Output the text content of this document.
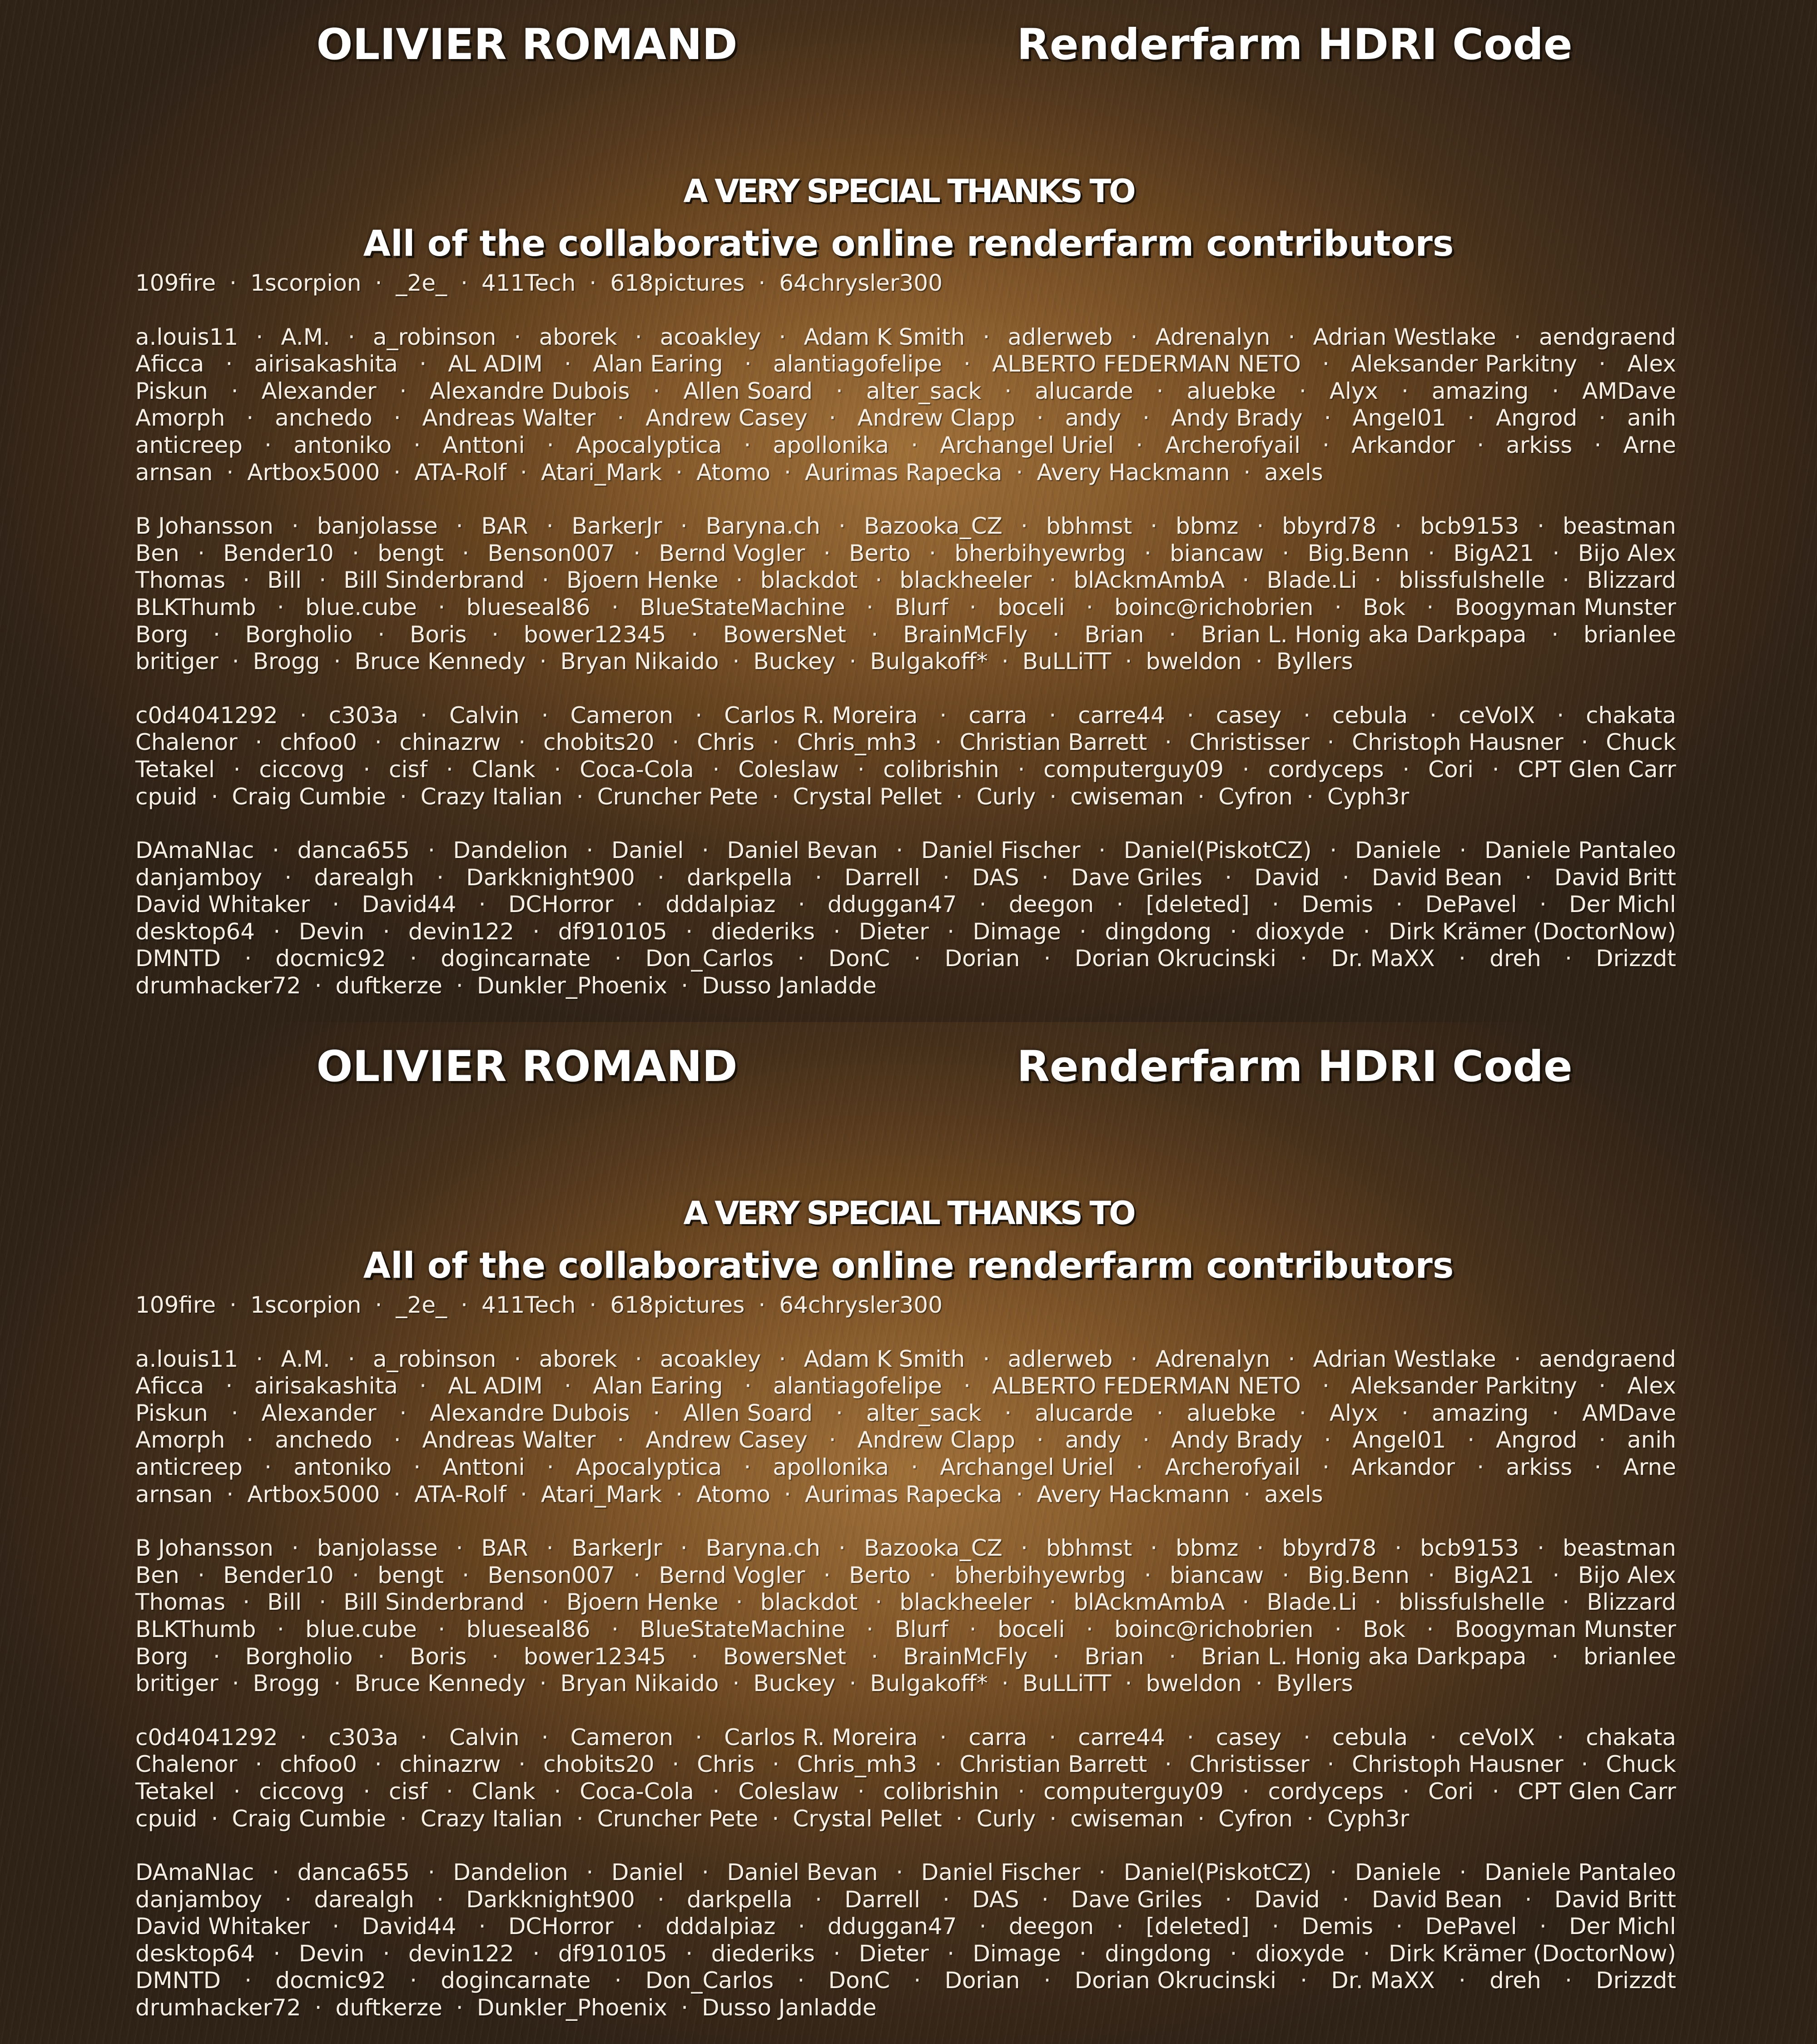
OLIVIER ROMAND	Renderfarm HDRI Code
A VERY SPECIAL THANKS TO
All of the collaborative online renderfarm contributors
109fire · 1scorpion · _2e_ · 411Tech · 618pictures · 64chrysler300
a.louis11 · A.M. · a_robinson · aborek · acoakley · Adam K Smith · adlerweb · Adrenalyn · Adrian Westlake · aendgraend
Aficca · airisakashita · AL ADIM · Alan Earing · alantiagofelipe · ALBERTO FEDERMAN NETO · Aleksander Parkitny · Alex
Piskun · Alexander · Alexandre Dubois · Allen Soard · alter_sack · alucarde · aluebke · Alyx · amazing · AMDave
Amorph · anchedo · Andreas Walter · Andrew Casey · Andrew Clapp · andy · Andy Brady · Angel01 · Angrod · anih
anticreep · antoniko · Anttoni · Apocalyptica · apollonika · Archangel Uriel · Archerofyail · Arkandor · arkiss · Arne
arnsan · Artbox5000 · ATA-Rolf · Atari_Mark · Atomo · Aurimas Rapecka · Avery Hackmann · axels
B Johansson · banjolasse · BAR · BarkerJr · Baryna.ch · Bazooka_CZ · bbhmst · bbmz · bbyrd78 · bcb9153 · beastman
Ben · Bender10 · bengt · Benson007 · Bernd Vogler · Berto · bherbihyewrbg · biancaw · Big.Benn · BigA21 · Bijo Alex
Thomas · Bill · Bill Sinderbrand · Bjoern Henke · blackdot · blackheeler · blAckmAmbA · Blade.Li · blissfulshelle · Blizzard
BLKThumb · blue.cube · blueseal86 · BlueStateMachine · Blurf · boceli · boinc@richobrien · Bok · Boogyman Munster
Borg · Borgholio · Boris · bower12345 · BowersNet · BrainMcFly · Brian · Brian L. Honig aka Darkpapa · brianlee
britiger · Brogg · Bruce Kennedy · Bryan Nikaido · Buckey · Bulgakoff* · BuLLiTT · bweldon · Byllers
c0d4041292 · c303a · Calvin · Cameron · Carlos R. Moreira · carra · carre44 · casey · cebula · ceVoIX · chakata
Chalenor · chfoo0 · chinazrw · chobits20 · Chris · Chris_mh3 · Christian Barrett · Christisser · Christoph Hausner · Chuck
Tetakel · ciccovg · cisf · Clank · Coca-Cola · Coleslaw · colibrishin · computerguy09 · cordyceps · Cori · CPT Glen Carr
cpuid · Craig Cumbie · Crazy Italian · Cruncher Pete · Crystal Pellet · Curly · cwiseman · Cyfron · Cyph3r
DAmaNIac · danca655 · Dandelion · Daniel · Daniel Bevan · Daniel Fischer · Daniel(PiskotCZ) · Daniele · Daniele Pantaleo
danjamboy · darealgh · Darkknight900 · darkpella · Darrell · DAS · Dave Griles · David · David Bean · David Britt
David Whitaker · David44 · DCHorror · dddalpiaz · dduggan47 · deegon · [deleted] · Demis · DePavel · Der Michl
desktop64 · Devin · devin122 · df910105 · diederiks · Dieter · Dimage · dingdong · dioxyde · Dirk Krämer (DoctorNow)
DMNTD · docmic92 · dogincarnate · Don_Carlos · DonC · Dorian · Dorian Okrucinski · Dr. MaXX · dreh · Drizzdt
drumhacker72 · duftkerze · Dunkler_Phoenix · Dusso Janladde
OLIVIER ROMAND	Renderfarm HDRI Code
A VERY SPECIAL THANKS TO
All of the collaborative online renderfarm contributors
109fire · 1scorpion · _2e_ · 411Tech · 618pictures · 64chrysler300
a.louis11 · A.M. · a_robinson · aborek · acoakley · Adam K Smith · adlerweb · Adrenalyn · Adrian Westlake · aendgraend
Aficca · airisakashita · AL ADIM · Alan Earing · alantiagofelipe · ALBERTO FEDERMAN NETO · Aleksander Parkitny · Alex
Piskun · Alexander · Alexandre Dubois · Allen Soard · alter_sack · alucarde · aluebke · Alyx · amazing · AMDave
Amorph · anchedo · Andreas Walter · Andrew Casey · Andrew Clapp · andy · Andy Brady · Angel01 · Angrod · anih
anticreep · antoniko · Anttoni · Apocalyptica · apollonika · Archangel Uriel · Archerofyail · Arkandor · arkiss · Arne
arnsan · Artbox5000 · ATA-Rolf · Atari_Mark · Atomo · Aurimas Rapecka · Avery Hackmann · axels
B Johansson · banjolasse · BAR · BarkerJr · Baryna.ch · Bazooka_CZ · bbhmst · bbmz · bbyrd78 · bcb9153 · beastman
Ben · Bender10 · bengt · Benson007 · Bernd Vogler · Berto · bherbihyewrbg · biancaw · Big.Benn · BigA21 · Bijo Alex
Thomas · Bill · Bill Sinderbrand · Bjoern Henke · blackdot · blackheeler · blAckmAmbA · Blade.Li · blissfulshelle · Blizzard
BLKThumb · blue.cube · blueseal86 · BlueStateMachine · Blurf · boceli · boinc@richobrien · Bok · Boogyman Munster
Borg · Borgholio · Boris · bower12345 · BowersNet · BrainMcFly · Brian · Brian L. Honig aka Darkpapa · brianlee
britiger · Brogg · Bruce Kennedy · Bryan Nikaido · Buckey · Bulgakoff* · BuLLiTT · bweldon · Byllers
c0d4041292 · c303a · Calvin · Cameron · Carlos R. Moreira · carra · carre44 · casey · cebula · ceVoIX · chakata
Chalenor · chfoo0 · chinazrw · chobits20 · Chris · Chris_mh3 · Christian Barrett · Christisser · Christoph Hausner · Chuck
Tetakel · ciccovg · cisf · Clank · Coca-Cola · Coleslaw · colibrishin · computerguy09 · cordyceps · Cori · CPT Glen Carr
cpuid · Craig Cumbie · Crazy Italian · Cruncher Pete · Crystal Pellet · Curly · cwiseman · Cyfron · Cyph3r
DAmaNIac · danca655 · Dandelion · Daniel · Daniel Bevan · Daniel Fischer · Daniel(PiskotCZ) · Daniele · Daniele Pantaleo
danjamboy · darealgh · Darkknight900 · darkpella · Darrell · DAS · Dave Griles · David · David Bean · David Britt
David Whitaker · David44 · DCHorror · dddalpiaz · dduggan47 · deegon · [deleted] · Demis · DePavel · Der Michl
desktop64 · Devin · devin122 · df910105 · diederiks · Dieter · Dimage · dingdong · dioxyde · Dirk Krämer (DoctorNow)
DMNTD · docmic92 · dogincarnate · Don_Carlos · DonC · Dorian · Dorian Okrucinski · Dr. MaXX · dreh · Drizzdt
drumhacker72 · duftkerze · Dunkler_Phoenix · Dusso Janladde
